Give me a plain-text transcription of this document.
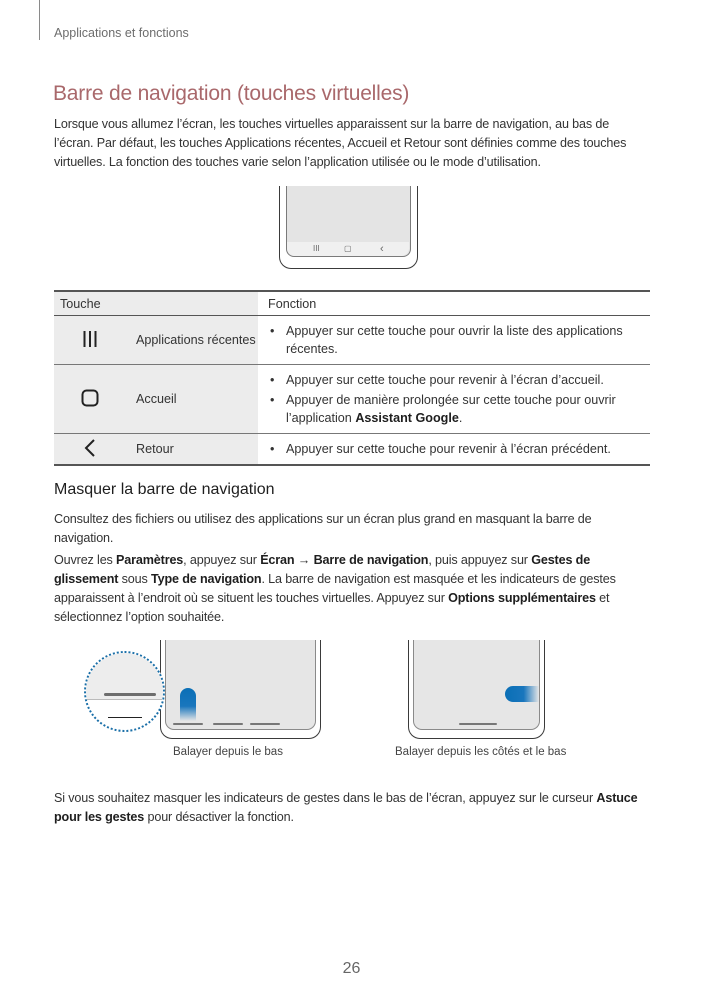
Applications et fonctions
Barre de navigation (touches virtuelles)

Lorsque vous allumez l’écran, les touches virtuelles apparaissent sur la barre de navigation, au bas de l’écran. Par défaut, les touches Applications récentes, Accueil et Retour sont définies comme des touches virtuelles. La fonction des touches varie selon l’application utilisée ou le mode d’utilisation.

III	▢	‹
Touche		Fonction
	Applications récentes	• Appuyer sur cette touche pour ouvrir la liste des applications récentes.

	Accueil	• Appuyer sur cette touche pour revenir à l’écran d’accueil.
• Appuyer de manière prolongée sur cette touche pour ouvrir l’application Assistant Google.

	Retour	• Appuyer sur cette touche pour revenir à l’écran précédent.
Masquer la barre de navigation

Consultez des fichiers ou utilisez des applications sur un écran plus grand en masquant la barre de navigation.

Ouvrez les Paramètres, appuyez sur Écran → Barre de navigation, puis appuyez sur Gestes de glissement sous Type de navigation. La barre de navigation est masquée et les indicateurs de gestes apparaissent à l’endroit où se situent les touches virtuelles. Appuyez sur Options supplémentaires et sélectionnez l’option souhaitée.

Balayer depuis le bas	Balayer depuis les côtés et le bas

Si vous souhaitez masquer les indicateurs de gestes dans le bas de l’écran, appuyez sur le curseur Astuce pour les gestes pour désactiver la fonction.

26
